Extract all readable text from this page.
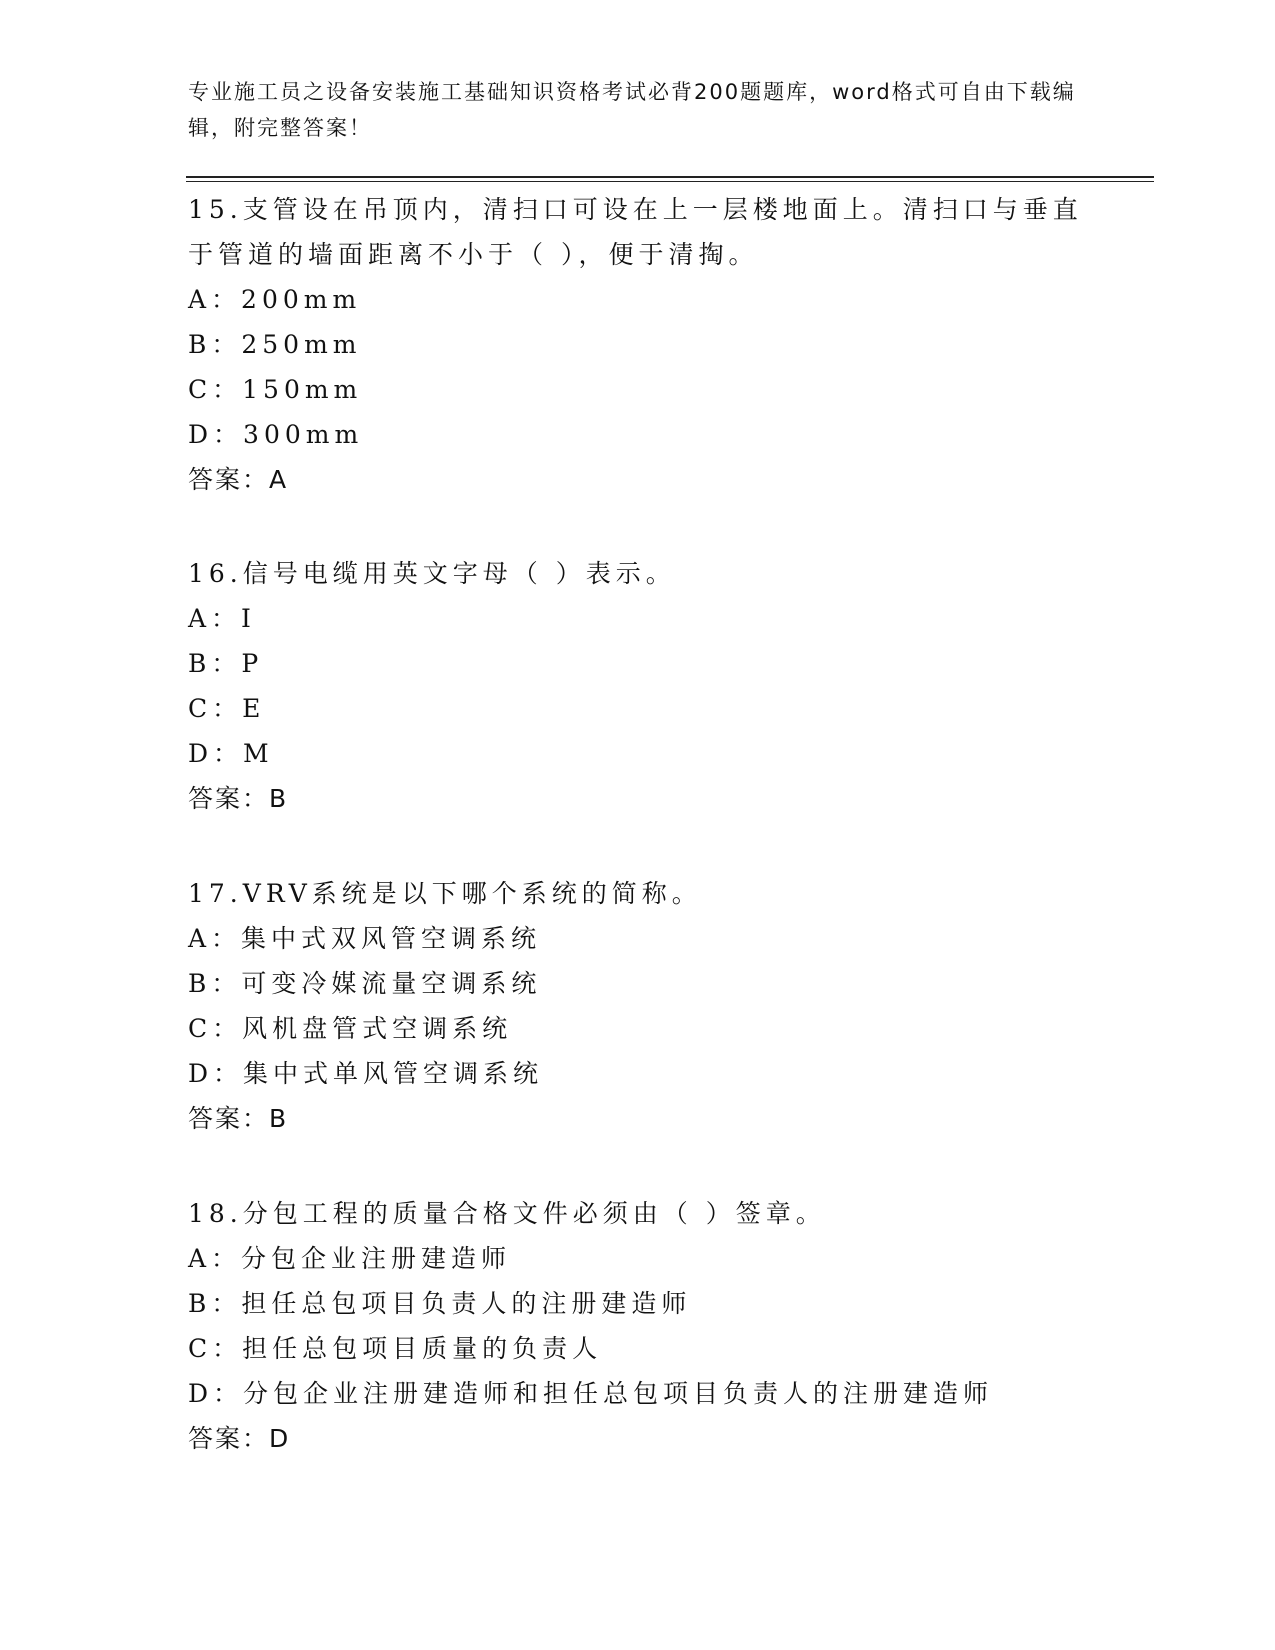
专业施工员之设备安装施工基础知识资格考试必背200题题库，word格式可自由下载编辑，附完整答案！

15.支管设在吊顶内，清扫口可设在上一层楼地面上。清扫口与垂直于管道的墙面距离不小于（ ），便于清掏。

A：200mm

B：250mm

C：150mm

D：300mm

答案：A

16.信号电缆用英文字母（ ）表示。

A：I

B：P

C：E

D：M

答案：B

17.VRV系统是以下哪个系统的简称。

A：集中式双风管空调系统

B：可变冷媒流量空调系统

C：风机盘管式空调系统

D：集中式单风管空调系统

答案：B

18.分包工程的质量合格文件必须由（ ）签章。

A：分包企业注册建造师

B：担任总包项目负责人的注册建造师

C：担任总包项目质量的负责人

D：分包企业注册建造师和担任总包项目负责人的注册建造师

答案：D
